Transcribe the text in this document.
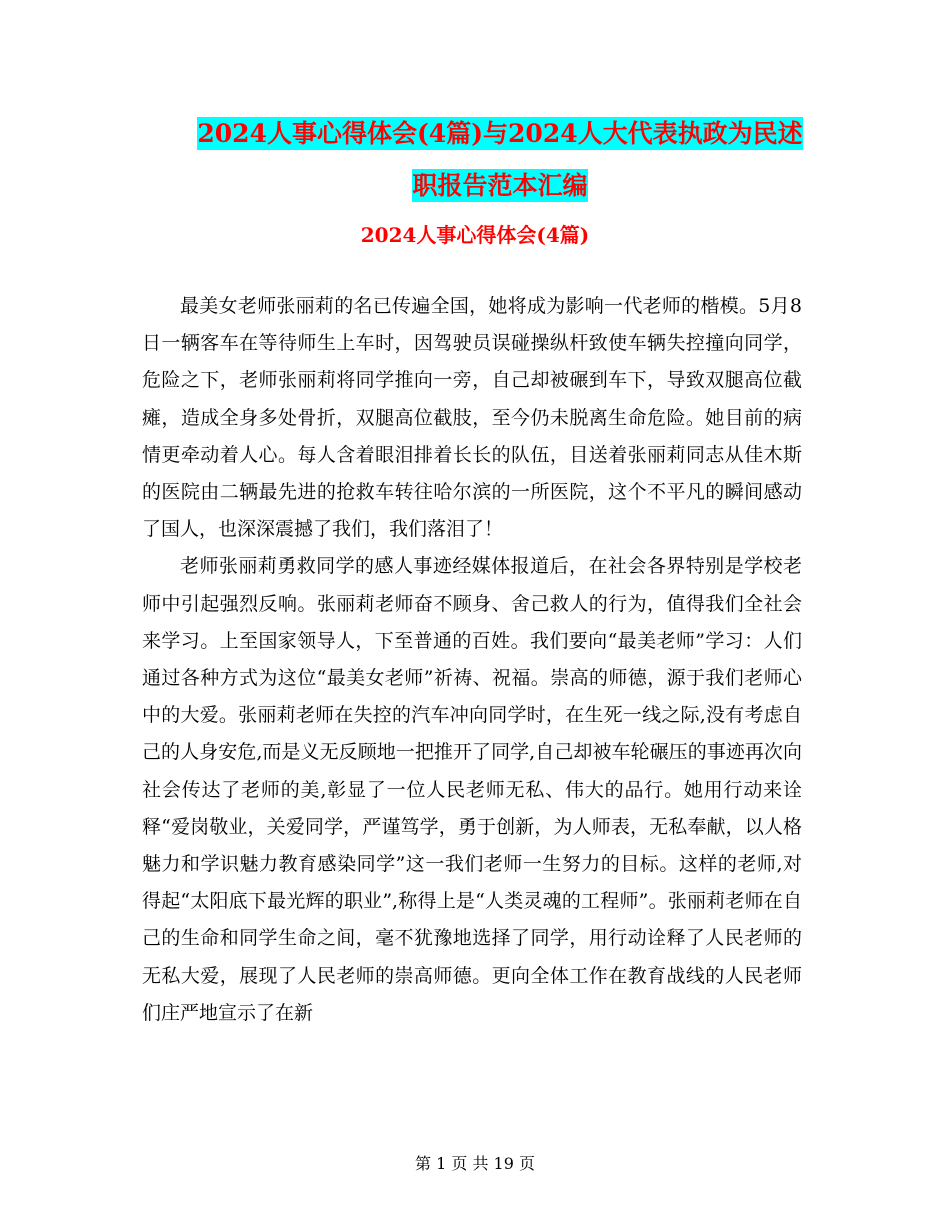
2024人事心得体会(4篇)与2024人大代表执政为民述
职报告范本汇编
2024人事心得体会(4篇)

最美女老师张丽莉的名已传遍全国，她将成为影响一代老师的楷模。5月8日一辆客车在等待师生上车时，因驾驶员误碰操纵杆致使车辆失控撞向同学，危险之下，老师张丽莉将同学推向一旁，自己却被碾到车下，导致双腿高位截瘫，造成全身多处骨折，双腿高位截肢，至今仍未脱离生命危险。她目前的病情更牵动着人心。每人含着眼泪排着长长的队伍，目送着张丽莉同志从佳木斯的医院由二辆最先进的抢救车转往哈尔滨的一所医院，这个不平凡的瞬间感动了国人，也深深震撼了我们，我们落泪了！

老师张丽莉勇救同学的感人事迹经媒体报道后，在社会各界特别是学校老师中引起强烈反响。张丽莉老师奋不顾身、舍己救人的行为，值得我们全社会来学习。上至国家领导人，下至普通的百姓。我们要向“最美老师”学习：人们通过各种方式为这位“最美女老师”祈祷、祝福。崇高的师德，源于我们老师心中的大爱。张丽莉老师在失控的汽车冲向同学时，在生死一线之际,没有考虑自己的人身安危,而是义无反顾地一把推开了同学,自己却被车轮碾压的事迹再次向社会传达了老师的美,彰显了一位人民老师无私、伟大的品行。她用行动来诠释“爱岗敬业，关爱同学，严谨笃学，勇于创新，为人师表，无私奉献，以人格魅力和学识魅力教育感染同学”这一我们老师一生努力的目标。这样的老师,对得起“太阳底下最光辉的职业”,称得上是“人类灵魂的工程师”。张丽莉老师在自己的生命和同学生命之间，毫不犹豫地选择了同学，用行动诠释了人民老师的无私大爱，展现了人民老师的崇高师德。更向全体工作在教育战线的人民老师们庄严地宣示了在新

第 1 页 共 19 页
